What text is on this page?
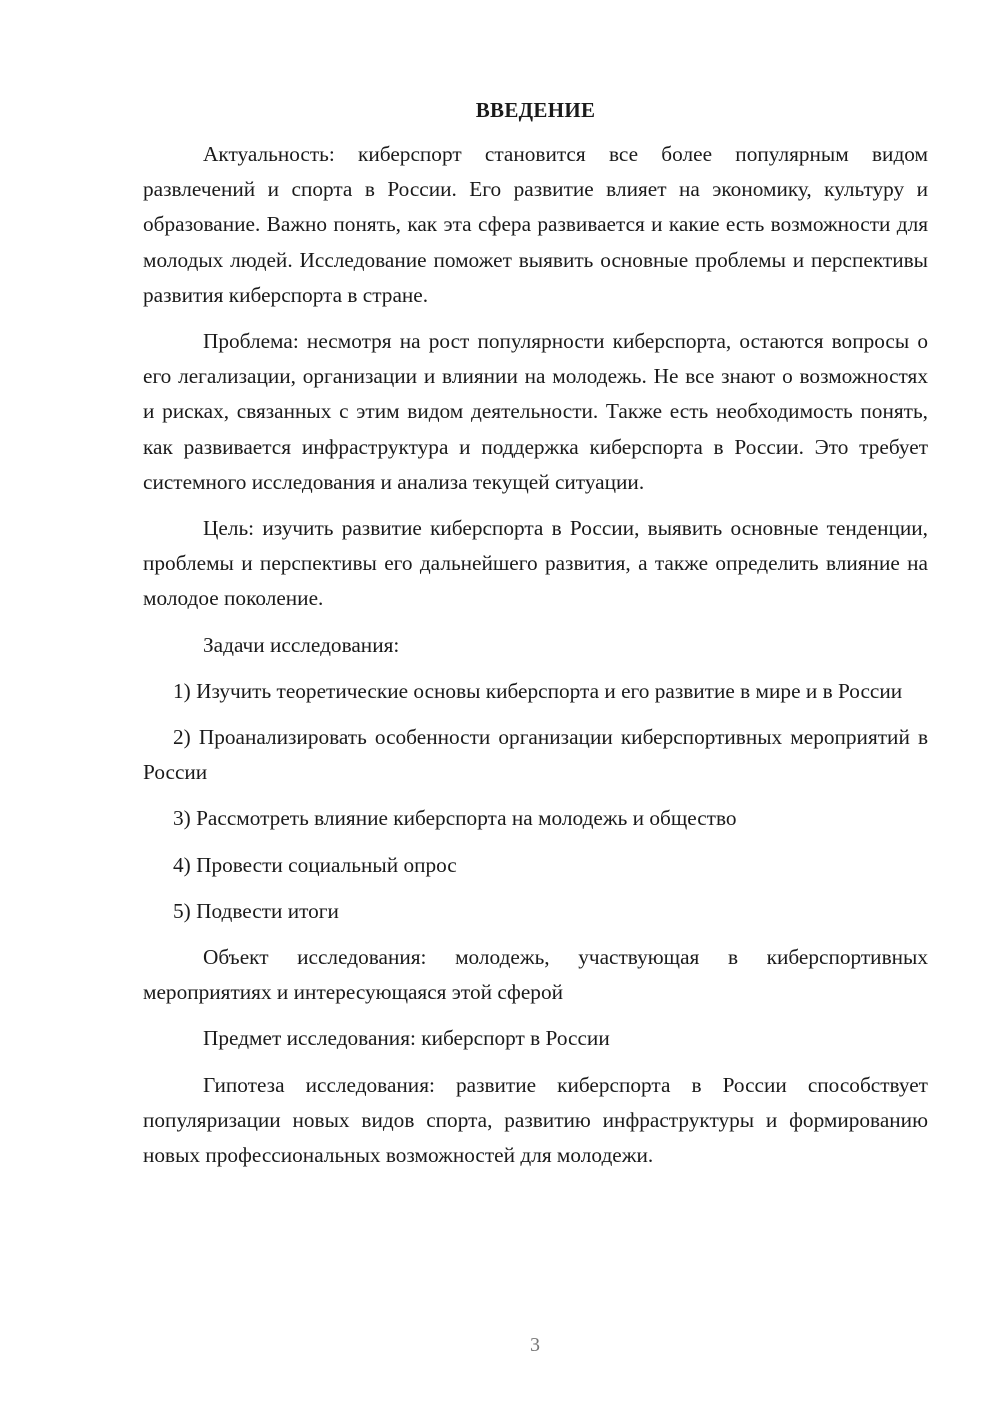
ВВЕДЕНИЕ

Актуальность: киберспорт становится все более популярным видом развлечений и спорта в России. Его развитие влияет на экономику, культуру и образование. Важно понять, как эта сфера развивается и какие есть возможности для молодых людей. Исследование поможет выявить основные проблемы и перспективы развития киберспорта в стране.

Проблема: несмотря на рост популярности киберспорта, остаются вопросы о его легализации, организации и влиянии на молодежь. Не все знают о возможностях и рисках, связанных с этим видом деятельности. Также есть необходимость понять, как развивается инфраструктура и поддержка киберспорта в России. Это требует системного исследования и анализа текущей ситуации.

Цель: изучить развитие киберспорта в России, выявить основные тенденции, проблемы и перспективы его дальнейшего развития, а также определить влияние на молодое поколение.

Задачи исследования:

1) Изучить теоретические основы киберспорта и его развитие в мире и в России

2) Проанализировать особенности организации киберспортивных мероприятий в России

3) Рассмотреть влияние киберспорта на молодежь и общество

4) Провести социальный опрос

5) Подвести итоги

Объект исследования: молодежь, участвующая в киберспортивных мероприятиях и интересующаяся этой сферой

Предмет исследования: киберспорт в России

Гипотеза исследования: развитие киберспорта в России способствует популяризации новых видов спорта, развитию инфраструктуры и формированию новых профессиональных возможностей для молодежи.

3
